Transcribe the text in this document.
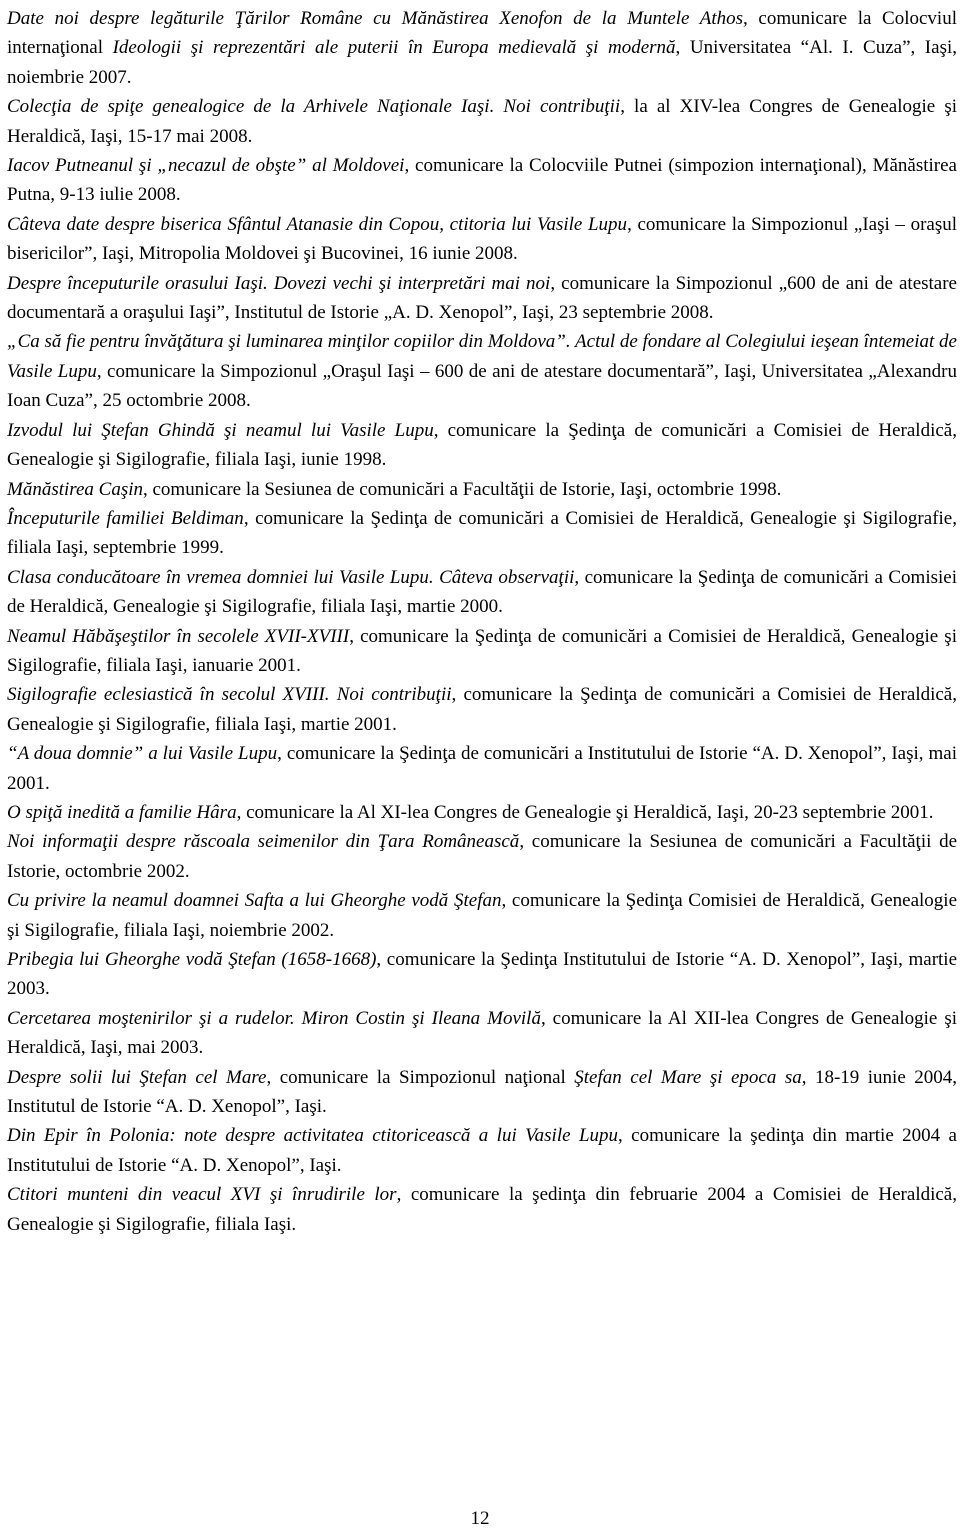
Date noi despre legăturile Ţărilor Române cu Mănăstirea Xenofon de la Muntele Athos, comunicare la Colocviul internaţional Ideologii şi reprezentări ale puterii în Europa medievală şi modernă, Universitatea “Al. I. Cuza”, Iaşi, noiembrie 2007.

Colecţia de spiţe genealogice de la Arhivele Naţionale Iaşi. Noi contribuţii, la al XIV-lea Congres de Genealogie şi Heraldică, Iaşi, 15-17 mai 2008.

Iacov Putneanul şi „necazul de obşte” al Moldovei, comunicare la Colocviile Putnei (simpozion internaţional), Mănăstirea Putna, 9-13 iulie 2008.

Câteva date despre biserica Sfântul Atanasie din Copou, ctitoria lui Vasile Lupu, comunicare la Simpozionul „Iaşi – oraşul bisericilor”, Iaşi, Mitropolia Moldovei şi Bucovinei, 16 iunie 2008.

Despre începuturile orasului Iaşi. Dovezi vechi şi interpretări mai noi, comunicare la Simpozionul „600 de ani de atestare documentară a oraşului Iaşi”, Institutul de Istorie „A. D. Xenopol”, Iaşi, 23 septembrie 2008.

„Ca să fie pentru învăţătura şi luminarea minţilor copiilor din Moldova”. Actul de fondare al Colegiului ieşean întemeiat de Vasile Lupu, comunicare la Simpozionul „Oraşul Iaşi – 600 de ani de atestare documentară”, Iaşi, Universitatea „Alexandru Ioan Cuza”, 25 octombrie 2008.

Izvodul lui Ştefan Ghindă şi neamul lui Vasile Lupu, comunicare la Şedinţa de comunicări a Comisiei de Heraldică, Genealogie şi Sigilografie, filiala Iaşi, iunie 1998.

Mănăstirea Caşin, comunicare la Sesiunea de comunicări a Facultăţii de Istorie, Iaşi, octombrie 1998.

Începuturile familiei Beldiman, comunicare la Şedinţa de comunicări a Comisiei de Heraldică, Genealogie şi Sigilografie, filiala Iaşi, septembrie 1999.

Clasa conducătoare în vremea domniei lui Vasile Lupu. Câteva observaţii, comunicare la Şedinţa de comunicări a Comisiei de Heraldică, Genealogie şi Sigilografie, filiala Iaşi, martie 2000.

Neamul Hăbăşeştilor în secolele XVII-XVIII, comunicare la Şedinţa de comunicări a Comisiei de Heraldică, Genealogie şi Sigilografie, filiala Iaşi, ianuarie 2001.

Sigilografie eclesiastică în secolul XVIII. Noi contribuţii, comunicare la Şedinţa de comunicări a Comisiei de Heraldică, Genealogie şi Sigilografie, filiala Iaşi, martie 2001.

“A doua domnie” a lui Vasile Lupu, comunicare la Şedinţa de comunicări a Institutului de Istorie “A. D. Xenopol”, Iaşi, mai 2001.

O spiţă inedită a familie Hâra, comunicare la Al XI-lea Congres de Genealogie şi Heraldică, Iaşi, 20-23 septembrie 2001.

Noi informaţii despre răscoala seimenilor din Ţara Românească, comunicare la Sesiunea de comunicări a Facultăţii de Istorie, octombrie 2002.

Cu privire la neamul doamnei Safta a lui Gheorghe vodă Ştefan, comunicare la Şedinţa Comisiei de Heraldică, Genealogie şi Sigilografie, filiala Iaşi, noiembrie 2002.

Pribegia lui Gheorghe vodă Ştefan (1658-1668), comunicare la Şedinţa Institutului de Istorie “A. D. Xenopol”, Iaşi, martie 2003.

Cercetarea moştenirilor şi a rudelor. Miron Costin şi Ileana Movilă, comunicare la Al XII-lea Congres de Genealogie şi Heraldică, Iaşi, mai 2003.

Despre solii lui Ştefan cel Mare, comunicare la Simpozionul naţional Ştefan cel Mare şi epoca sa, 18-19 iunie 2004, Institutul de Istorie “A. D. Xenopol”, Iaşi.

Din Epir în Polonia: note despre activitatea ctitoricească a lui Vasile Lupu, comunicare la şedinţa din martie 2004 a Institutului de Istorie “A. D. Xenopol”, Iaşi.

Ctitori munteni din veacul XVI şi înrudirile lor, comunicare la şedinţa din februarie 2004 a Comisiei de Heraldică, Genealogie şi Sigilografie, filiala Iaşi.

12
